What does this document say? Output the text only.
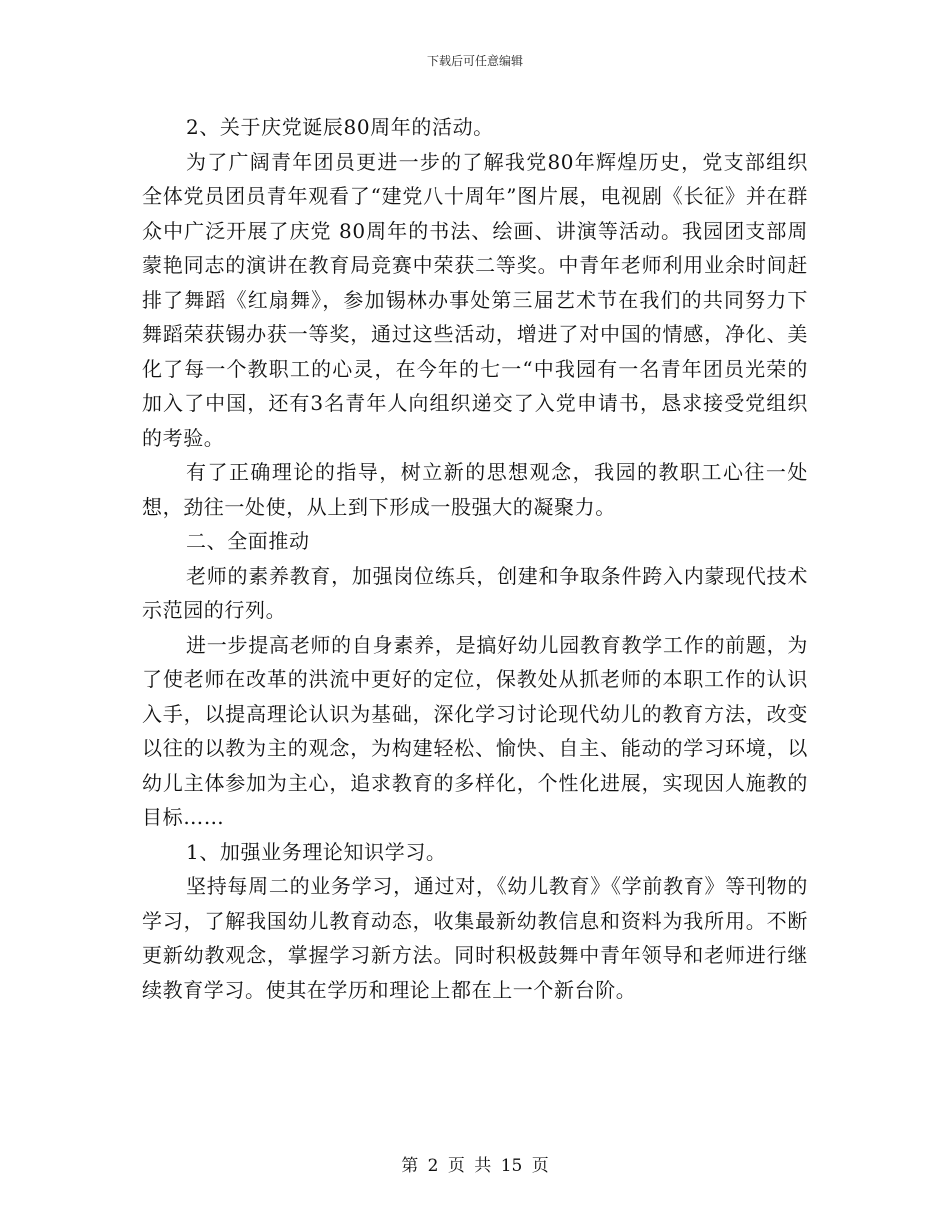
下载后可任意编辑

2、关于庆党诞辰80周年的活动。

为了广阔青年团员更进一步的了解我党80年辉煌历史，党支部组织全体党员团员青年观看了“建党八十周年”图片展，电视剧《长征》并在群众中广泛开展了庆党 80周年的书法、绘画、讲演等活动。我园团支部周蒙艳同志的演讲在教育局竞赛中荣获二等奖。中青年老师利用业余时间赶排了舞蹈《红扇舞》，参加锡林办事处第三届艺术节在我们的共同努力下舞蹈荣获锡办获一等奖，通过这些活动，增进了对中国的情感，净化、美化了每一个教职工的心灵，在今年的七一“中我园有一名青年团员光荣的加入了中国，还有3名青年人向组织递交了入党申请书，恳求接受党组织的考验。

有了正确理论的指导，树立新的思想观念，我园的教职工心往一处想，劲往一处使，从上到下形成一股强大的凝聚力。

二、全面推动

老师的素养教育，加强岗位练兵，创建和争取条件跨入内蒙现代技术示范园的行列。

进一步提高老师的自身素养，是搞好幼儿园教育教学工作的前题，为了使老师在改革的洪流中更好的定位，保教处从抓老师的本职工作的认识入手，以提高理论认识为基础，深化学习讨论现代幼儿的教育方法，改变以往的以教为主的观念，为构建轻松、愉快、自主、能动的学习环境，以幼儿主体参加为主心，追求教育的多样化，个性化进展，实现因人施教的目标……

1、加强业务理论知识学习。

坚持每周二的业务学习，通过对，《幼儿教育》《学前教育》等刊物的学习，了解我国幼儿教育动态，收集最新幼教信息和资料为我所用。不断更新幼教观念，掌握学习新方法。同时积极鼓舞中青年领导和老师进行继续教育学习。使其在学历和理论上都在上一个新台阶。

第 2 页 共 15 页
